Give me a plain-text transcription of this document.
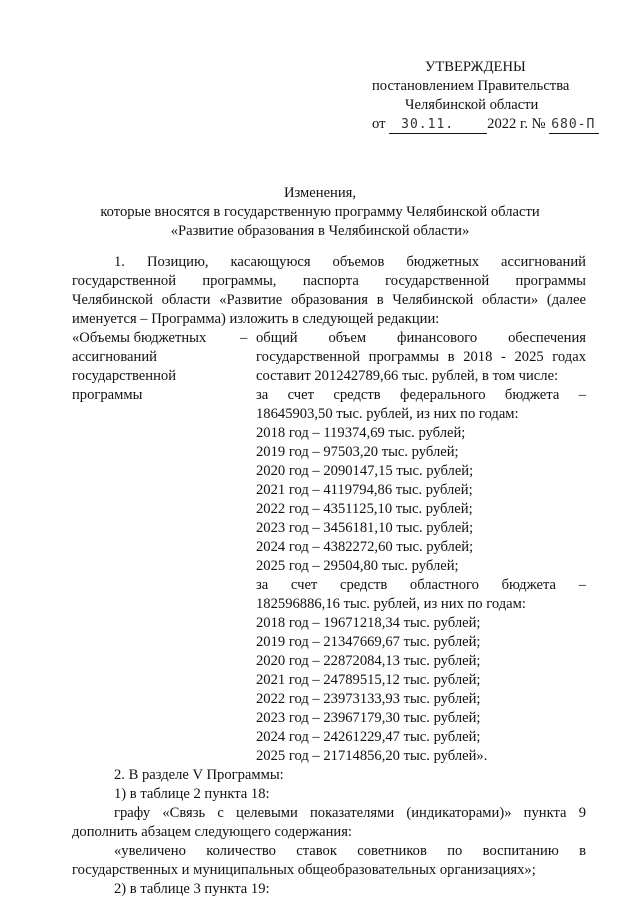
УТВЕРЖДЕНЫ
постановлением Правительства
Челябинской области
от 30.11. 2022 г. № 680-П
Изменения,
которые вносятся в государственную программу Челябинской области
«Развитие образования в Челябинской области»
1. Позицию, касающуюся объемов бюджетных ассигнований
государственной программы, паспорта государственной программы
Челябинской области «Развитие образования в Челябинской области» (далее
именуется – Программа) изложить в следующей редакции:
«Объемы бюджетных
ассигнований
государственной
программы
– общий объем финансового обеспечения
государственной программы в 2018 - 2025 годах
составит 201242789,66 тыс. рублей, в том числе:
за счет средств федерального бюджета –
18645903,50 тыс. рублей, из них по годам:
2018 год – 119374,69 тыс. рублей;
2019 год – 97503,20 тыс. рублей;
2020 год – 2090147,15 тыс. рублей;
2021 год – 4119794,86 тыс. рублей;
2022 год – 4351125,10 тыс. рублей;
2023 год – 3456181,10 тыс. рублей;
2024 год – 4382272,60 тыс. рублей;
2025 год – 29504,80 тыс. рублей;
за счет средств областного бюджета –
182596886,16 тыс. рублей, из них по годам:
2018 год – 19671218,34 тыс. рублей;
2019 год – 21347669,67 тыс. рублей;
2020 год – 22872084,13 тыс. рублей;
2021 год – 24789515,12 тыс. рублей;
2022 год – 23973133,93 тыс. рублей;
2023 год – 23967179,30 тыс. рублей;
2024 год – 24261229,47 тыс. рублей;
2025 год – 21714856,20 тыс. рублей».
2. В разделе V Программы:
1) в таблице 2 пункта 18:
графу «Связь с целевыми показателями (индикаторами)» пункта 9
дополнить абзацем следующего содержания:
«увеличено количество ставок советников по воспитанию в
государственных и муниципальных общеобразовательных организациях»;
2) в таблице 3 пункта 19:
